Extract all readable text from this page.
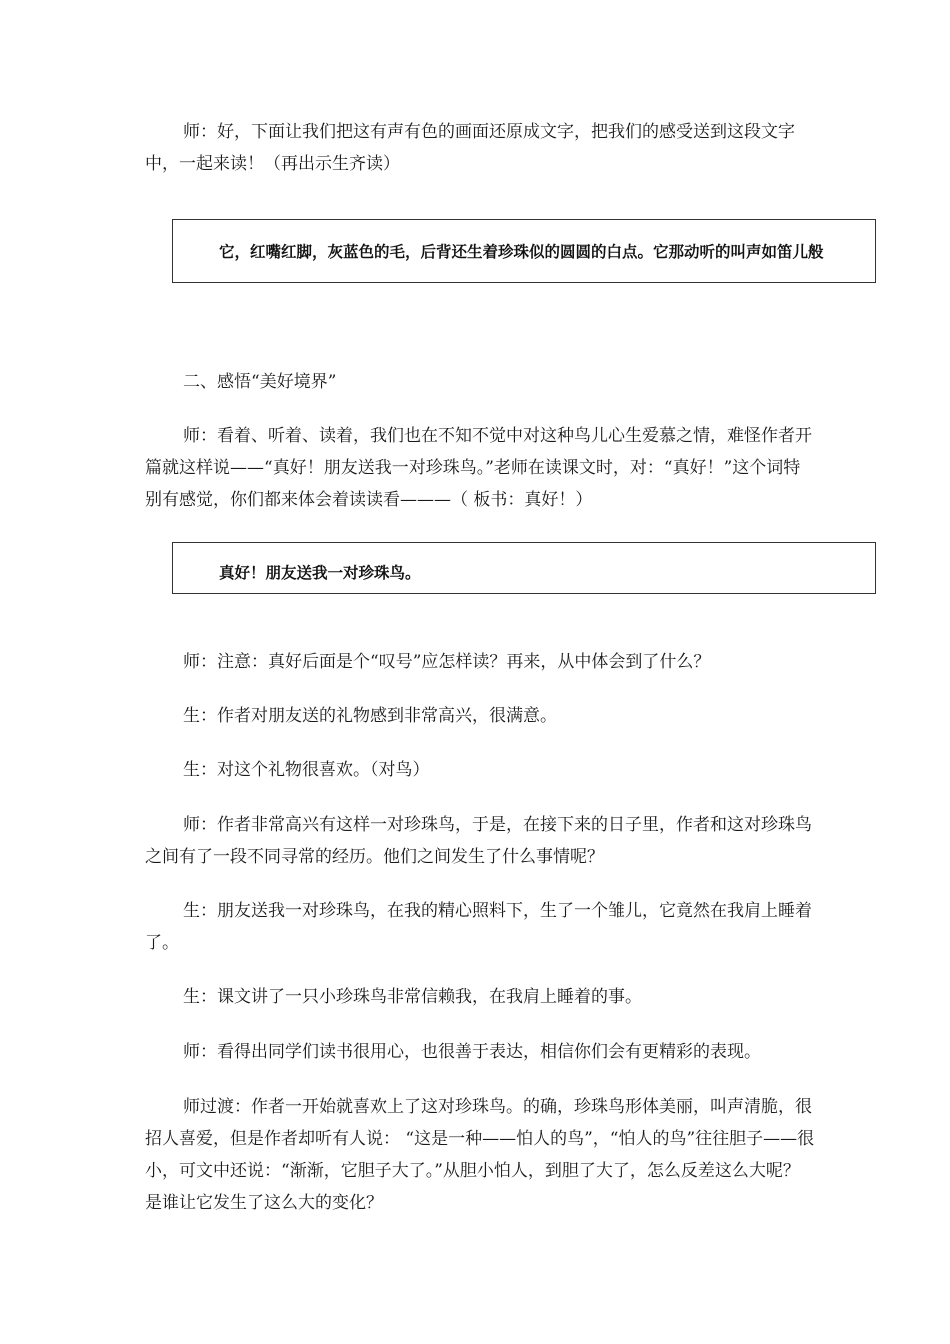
师：好，下面让我们把这有声有色的画面还原成文字，把我们的感受送到这段文字中，一起来读！（再出示生齐读）

它，红嘴红脚，灰蓝色的毛，后背还生着珍珠似的圆圆的白点。它那动听的叫声如笛儿般

二、感悟“美好境界”

师：看着、听着、读着，我们也在不知不觉中对这种鸟儿心生爱慕之情，难怪作者开篇就这样说——“真好！朋友送我一对珍珠鸟。”老师在读课文时，对：“真好！”这个词特别有感觉，你们都来体会着读读看———（ 板书：真好！）

真好！朋友送我一对珍珠鸟。

师：注意：真好后面是个“叹号”应怎样读？再来，从中体会到了什么？

生：作者对朋友送的礼物感到非常高兴，很满意。

生：对这个礼物很喜欢。（对鸟）

师：作者非常高兴有这样一对珍珠鸟，于是，在接下来的日子里，作者和这对珍珠鸟之间有了一段不同寻常的经历。他们之间发生了什么事情呢？

生：朋友送我一对珍珠鸟，在我的精心照料下，生了一个雏儿，它竟然在我肩上睡着了。

生：课文讲了一只小珍珠鸟非常信赖我，在我肩上睡着的事。

师：看得出同学们读书很用心，也很善于表达，相信你们会有更精彩的表现。

师过渡：作者一开始就喜欢上了这对珍珠鸟。的确，珍珠鸟形体美丽，叫声清脆，很招人喜爱，但是作者却听有人说： “这是一种——怕人的鸟”，“怕人的鸟”往往胆子——很小，可文中还说：“渐渐，它胆子大了。”从胆小怕人，到胆了大了，怎么反差这么大呢？是谁让它发生了这么大的变化？
